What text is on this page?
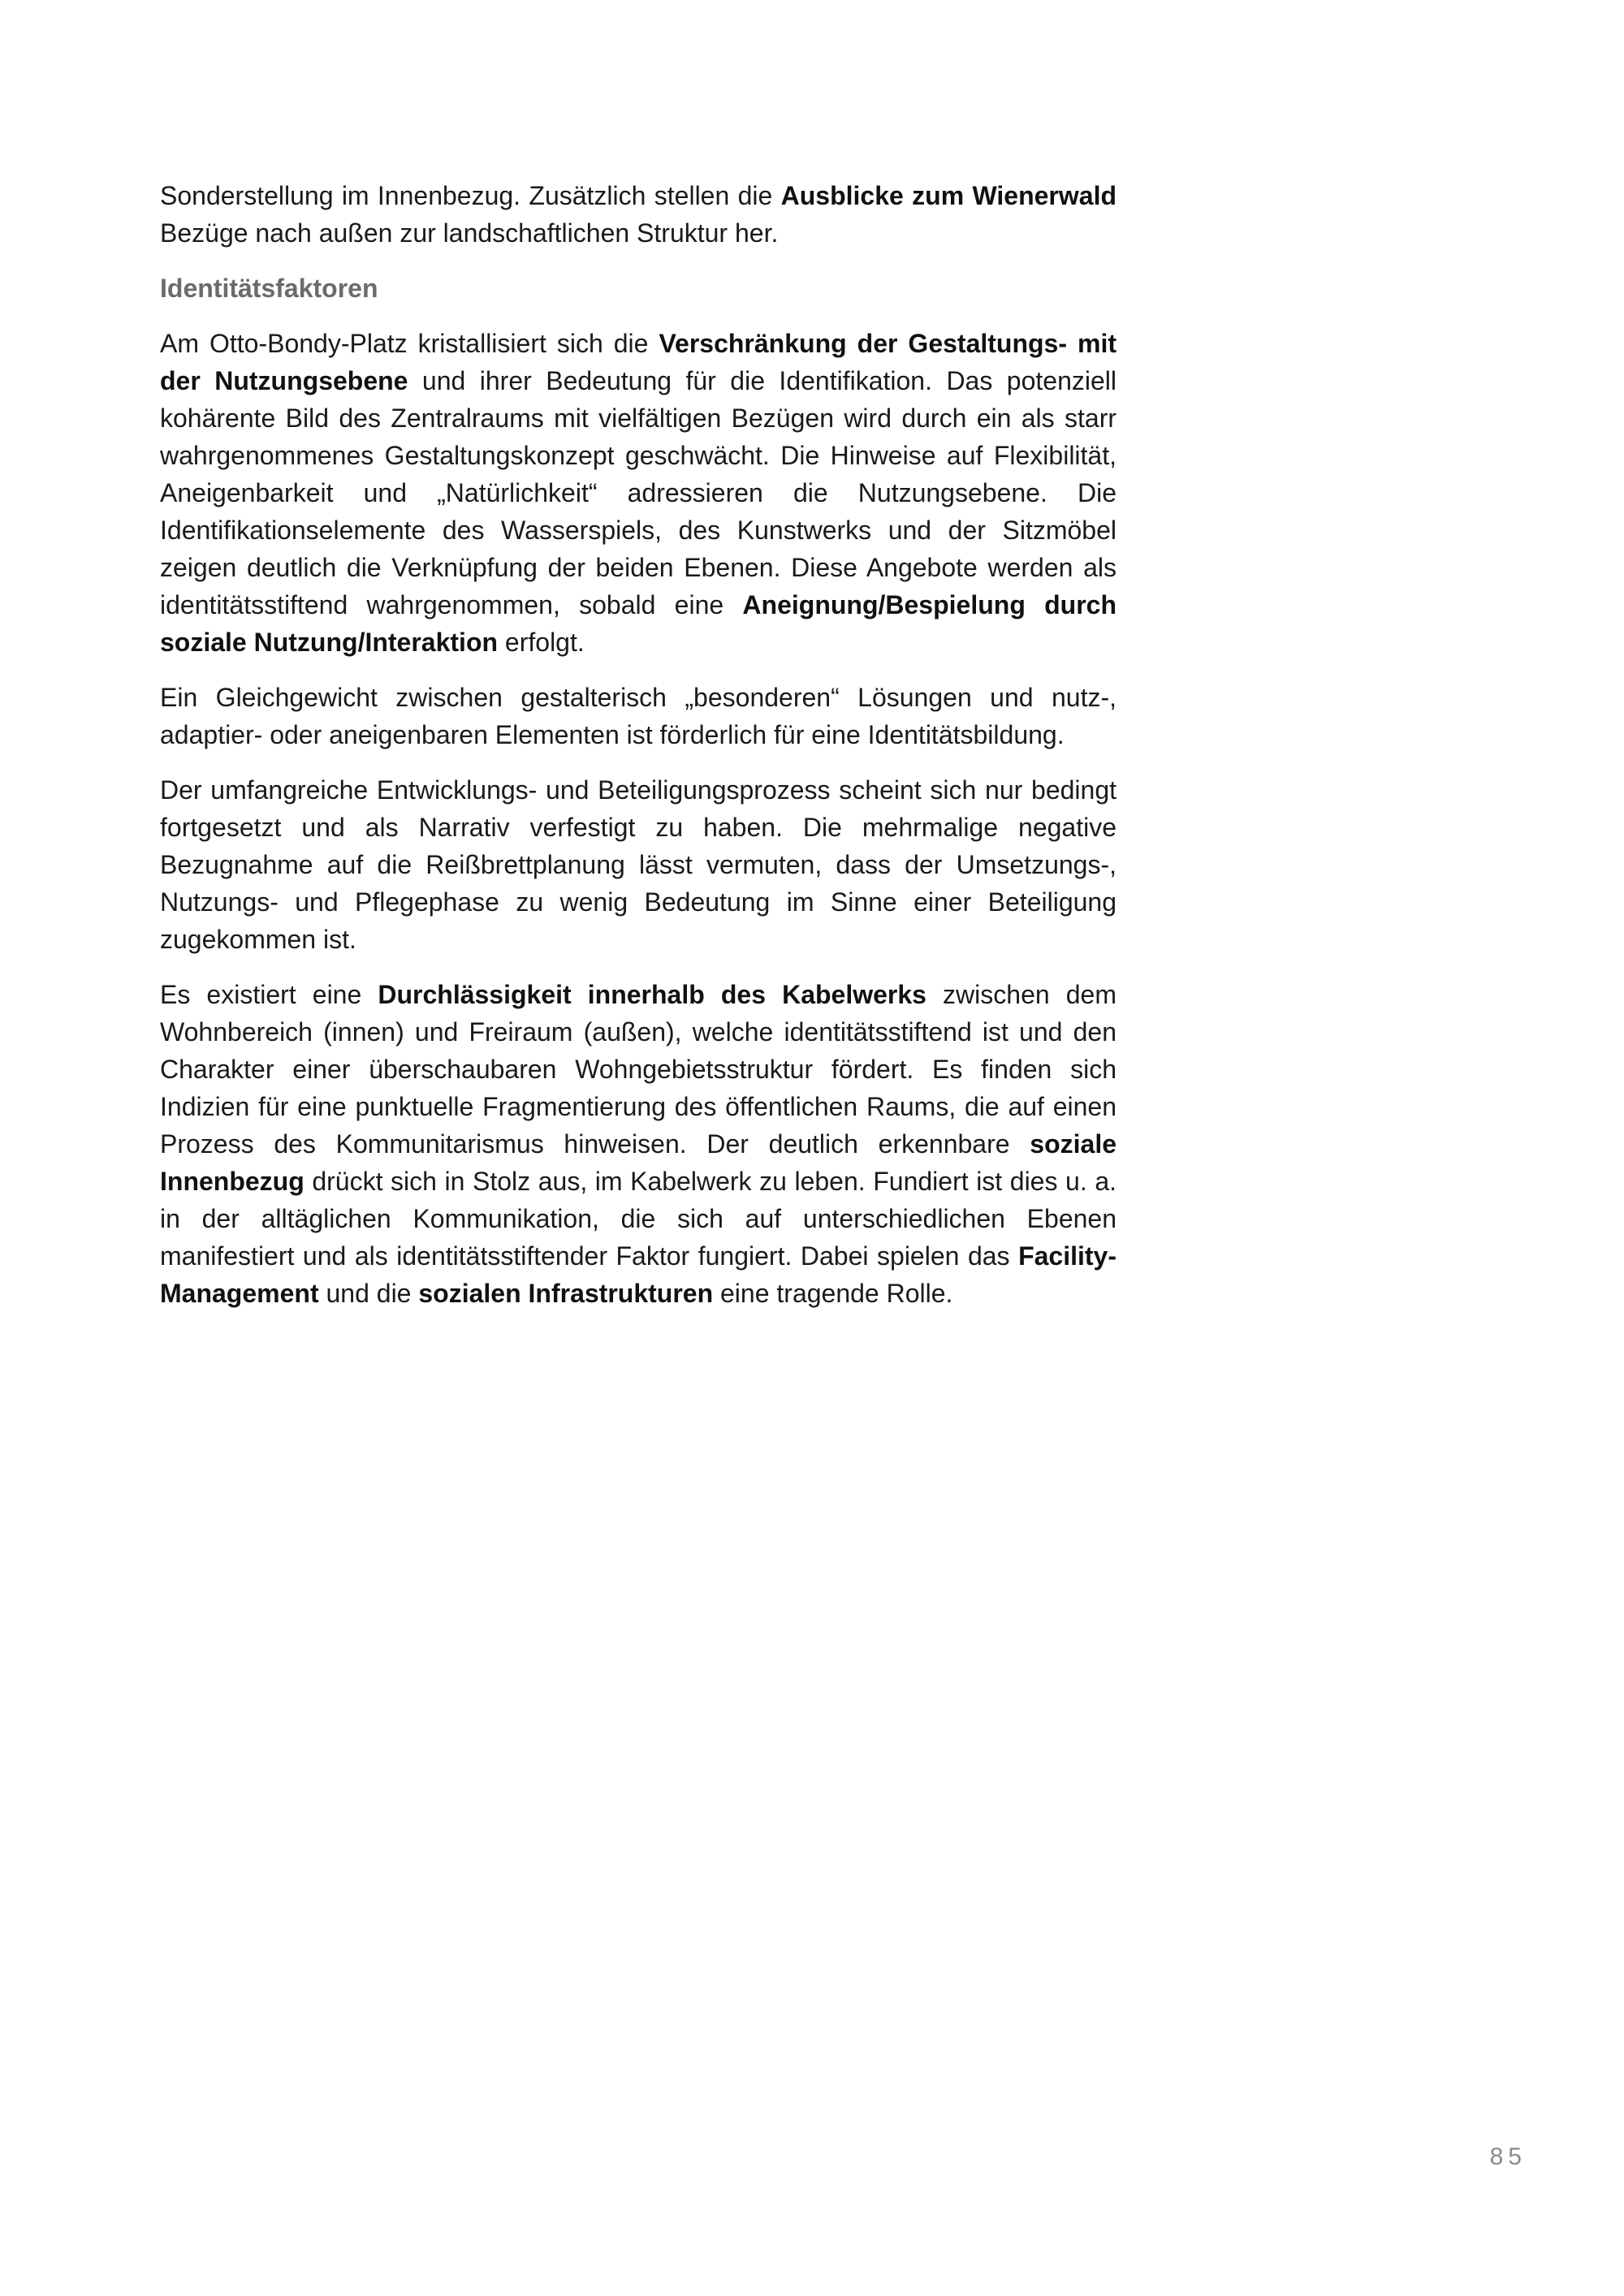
Sonderstellung im Innenbezug. Zusätzlich stellen die Ausblicke zum Wienerwald Bezüge nach außen zur landschaftlichen Struktur her.

Identitätsfaktoren

Am Otto-Bondy-Platz kristallisiert sich die Verschränkung der Gestaltungs- mit der Nutzungsebene und ihrer Bedeutung für die Identifikation. Das potenziell kohärente Bild des Zentralraums mit vielfältigen Bezügen wird durch ein als starr wahrgenommenes Gestaltungskonzept geschwächt. Die Hinweise auf Flexibilität, Aneigenbarkeit und „Natürlichkeit“ adressieren die Nutzungsebene. Die Identifikationselemente des Wasserspiels, des Kunstwerks und der Sitzmöbel zeigen deutlich die Verknüpfung der beiden Ebenen. Diese Angebote werden als identitätsstiftend wahrgenommen, sobald eine Aneignung/Bespielung durch soziale Nutzung/Interaktion erfolgt.

Ein Gleichgewicht zwischen gestalterisch „besonderen“ Lösungen und nutz-, adaptier- oder aneigenbaren Elementen ist förderlich für eine Identitätsbildung.

Der umfangreiche Entwicklungs- und Beteiligungsprozess scheint sich nur bedingt fortgesetzt und als Narrativ verfestigt zu haben. Die mehrmalige negative Bezugnahme auf die Reißbrettplanung lässt vermuten, dass der Umsetzungs-, Nutzungs- und Pflegephase zu wenig Bedeutung im Sinne einer Beteiligung zugekommen ist.

Es existiert eine Durchlässigkeit innerhalb des Kabelwerks zwischen dem Wohnbereich (innen) und Freiraum (außen), welche identitätsstiftend ist und den Charakter einer überschaubaren Wohngebietsstruktur fördert. Es finden sich Indizien für eine punktuelle Fragmentierung des öffentlichen Raums, die auf einen Prozess des Kommunitarismus hinweisen. Der deutlich erkennbare soziale Innenbezug drückt sich in Stolz aus, im Kabelwerk zu leben. Fundiert ist dies u. a. in der alltäglichen Kommunikation, die sich auf unterschiedlichen Ebenen manifestiert und als identitätsstiftender Faktor fungiert. Dabei spielen das Facility-Management und die sozialen Infrastrukturen eine tragende Rolle.

85
